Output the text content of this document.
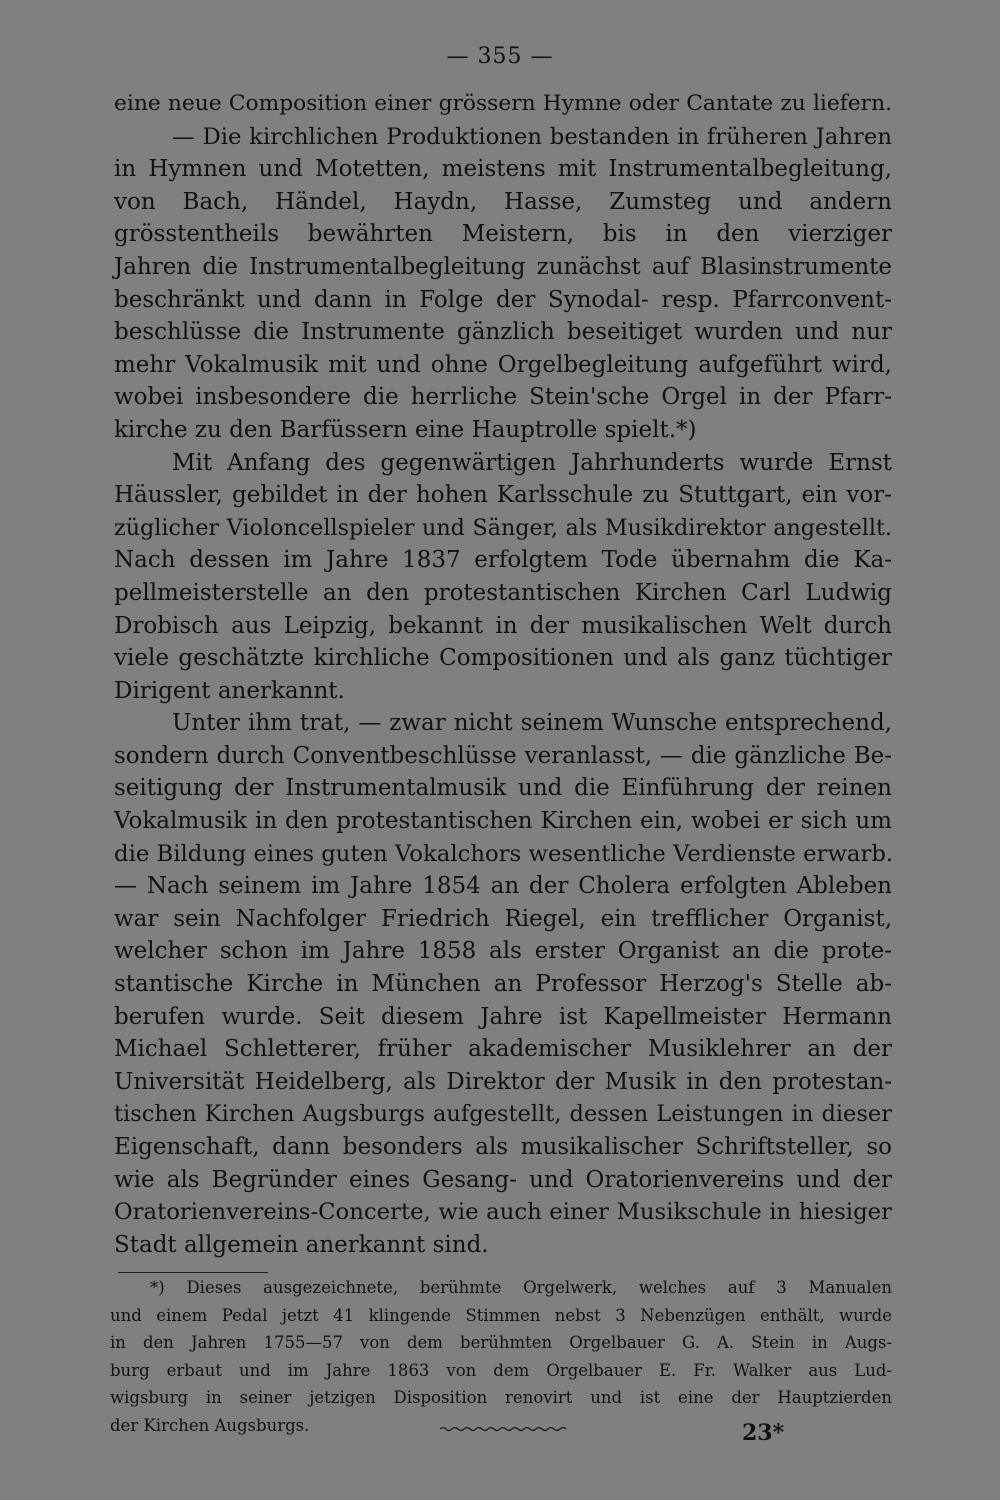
— 355 —
eine neue Composition einer grössern Hymne oder Cantate zu liefern.
— Die kirchlichen Produktionen bestanden in früheren Jahren
in Hymnen und Motetten, meistens mit Instrumentalbegleitung,
von Bach, Händel, Haydn, Hasse, Zumsteg und andern
grösstentheils bewährten Meistern, bis in den vierziger
Jahren die Instrumentalbegleitung zunächst auf Blasinstrumente
beschränkt und dann in Folge der Synodal- resp. Pfarrconvent-
beschlüsse die Instrumente gänzlich beseitiget wurden und nur
mehr Vokalmusik mit und ohne Orgelbegleitung aufgeführt wird,
wobei insbesondere die herrliche Stein'sche Orgel in der Pfarr-
kirche zu den Barfüssern eine Hauptrolle spielt.*)
Mit Anfang des gegenwärtigen Jahrhunderts wurde Ernst
Häussler, gebildet in der hohen Karlsschule zu Stuttgart, ein vor-
züglicher Violoncellspieler und Sänger, als Musikdirektor angestellt.
Nach dessen im Jahre 1837 erfolgtem Tode übernahm die Ka-
pellmeisterstelle an den protestantischen Kirchen Carl Ludwig
Drobisch aus Leipzig, bekannt in der musikalischen Welt durch
viele geschätzte kirchliche Compositionen und als ganz tüchtiger
Dirigent anerkannt.
Unter ihm trat, — zwar nicht seinem Wunsche entsprechend,
sondern durch Conventbeschlüsse veranlasst, — die gänzliche Be-
seitigung der Instrumentalmusik und die Einführung der reinen
Vokalmusik in den protestantischen Kirchen ein, wobei er sich um
die Bildung eines guten Vokalchors wesentliche Verdienste erwarb.
— Nach seinem im Jahre 1854 an der Cholera erfolgten Ableben
war sein Nachfolger Friedrich Riegel, ein trefflicher Organist,
welcher schon im Jahre 1858 als erster Organist an die prote-
stantische Kirche in München an Professor Herzog's Stelle ab-
berufen wurde. Seit diesem Jahre ist Kapellmeister Hermann
Michael Schletterer, früher akademischer Musiklehrer an der
Universität Heidelberg, als Direktor der Musik in den protestan-
tischen Kirchen Augsburgs aufgestellt, dessen Leistungen in dieser
Eigenschaft, dann besonders als musikalischer Schriftsteller, so
wie als Begründer eines Gesang- und Oratorienvereins und der
Oratorienvereins-Concerte, wie auch einer Musikschule in hiesiger
Stadt allgemein anerkannt sind.
*) Dieses ausgezeichnete, berühmte Orgelwerk, welches auf 3 Manualen
und einem Pedal jetzt 41 klingende Stimmen nebst 3 Nebenzügen enthält, wurde
in den Jahren 1755—57 von dem berühmten Orgelbauer G. A. Stein in Augs-
burg erbaut und im Jahre 1863 von dem Orgelbauer E. Fr. Walker aus Lud-
wigsburg in seiner jetzigen Disposition renovirt und ist eine der Hauptzierden
der Kirchen Augsburgs.	23*
